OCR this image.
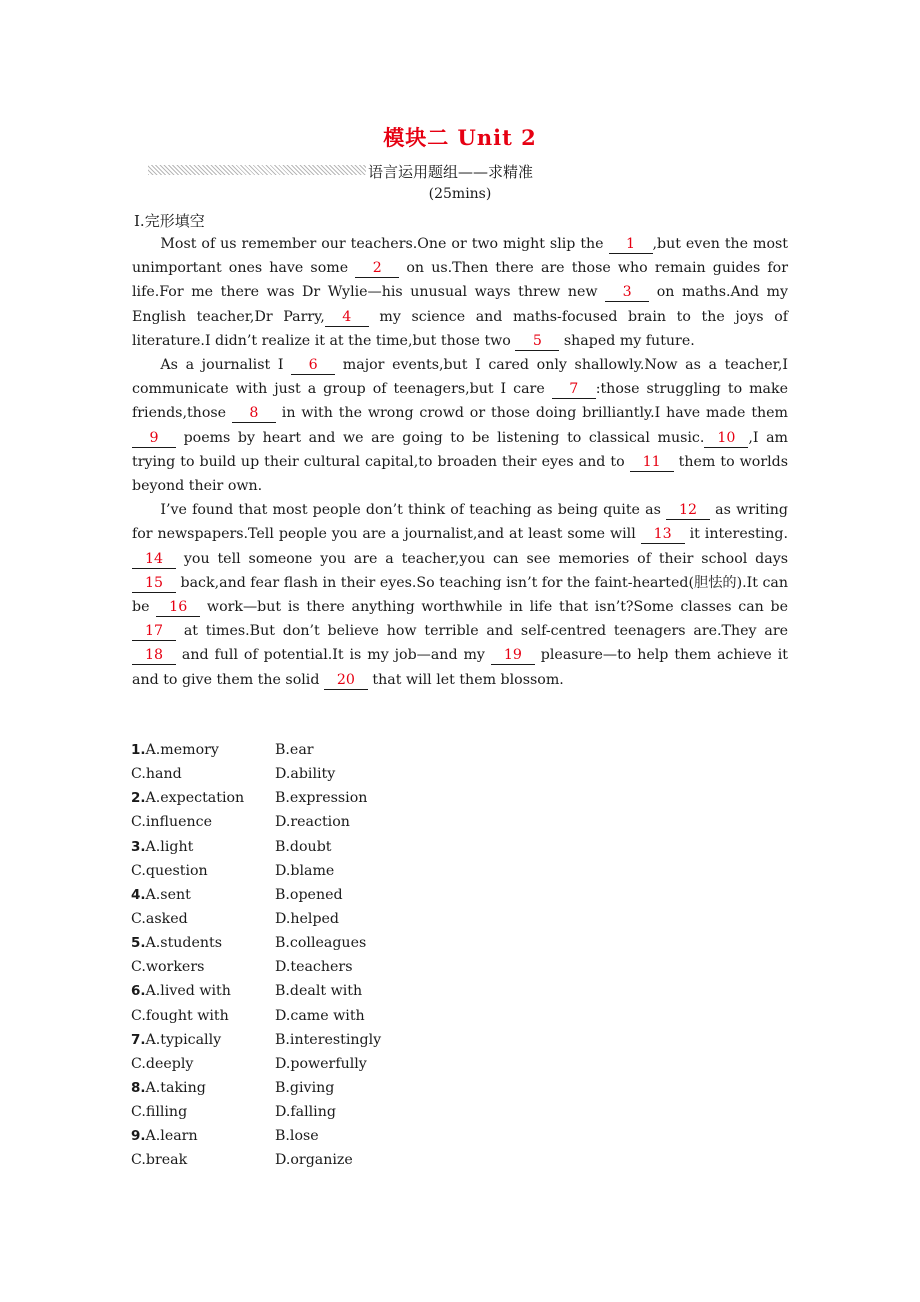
模块二 Unit 2
语言运用题组——求精准
(25mins)
Ⅰ.完形填空

Most of us remember our teachers.One or two might slip the 1 ,but even the most unimportant ones have some 2 on us.Then there are those who remain guides for life.For me there was Dr Wylie—his unusual ways threw new 3 on maths.And my English teacher,Dr Parry, 4 my science and maths-focused brain to the joys of literature.I didn’t realize it at the time,but those two 5 shaped my future.

As a journalist I 6 major events,but I cared only shallowly.Now as a teacher,I communicate with just a group of teenagers,but I care 7 :those struggling to make friends,those 8 in with the wrong crowd or those doing brilliantly.I have made them 9 poems by heart and we are going to be listening to classical music. 10 ,I am trying to build up their cultural capital,to broaden their eyes and to 11 them to worlds beyond their own.

I’ve found that most people don’t think of teaching as being quite as 12 as writing for newspapers.Tell people you are a journalist,and at least some will 13 it interesting.14 you tell someone you are a teacher,you can see memories of their school days 15 back,and fear flash in their eyes.So teaching isn’t for the faint-hearted(胆怯的).It can be 16 work—but is there anything worthwhile in life that isn’t?Some classes can be 17 at times.But don’t believe how terrible and self-centred teenagers are.They are 18 and full of potential.It is my job—and my 19 pleasure—to help them achieve it and to give them the solid 20 that will let them blossom.

1.A.memory	B.ear
C.hand	D.ability
2.A.expectation B.expression
C.influence	D.reaction
3.A.light	B.doubt
C.question	D.blame
4.A.sent	B.opened
C.asked	D.helped
5.A.students	B.colleagues
C.workers	D.teachers
6.A.lived with	B.dealt with
C.fought with	D.came with
7.A.typically	B.interestingly
C.deeply	D.powerfully
8.A.taking	B.giving
C.filling	D.falling
9.A.learn	B.lose
C.break	D.organize
